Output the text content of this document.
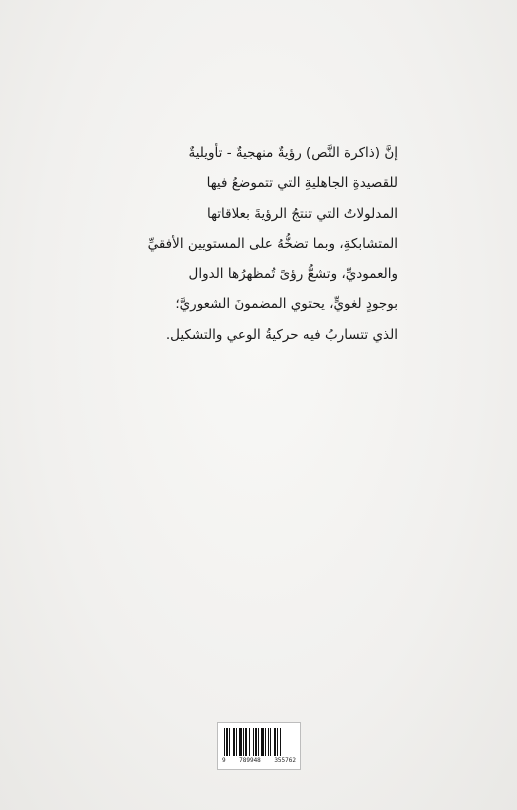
إنَّ (ذاكرة النَّص) رؤيةٌ منهجيةٌ - تأويليةٌ
للقصيدةِ الجاهليةِ التي تتموضعُ فيها
المدلولاتُ التي تنتجُ الرؤيةَ بعلاقاتها
المتشابكةِ، وبما تضخُّهُ على المستويين الأفقيِّ
والعموديِّ، وتشعُّ رؤىً تُمظهرُها الدوال
بوجودٍ لغويٍّ، يحتوي المضمونَ الشعوريَّ؛
الذي تتساربُ فيه حركيةُ الوعي والتشكيل.
9 789948 355762
